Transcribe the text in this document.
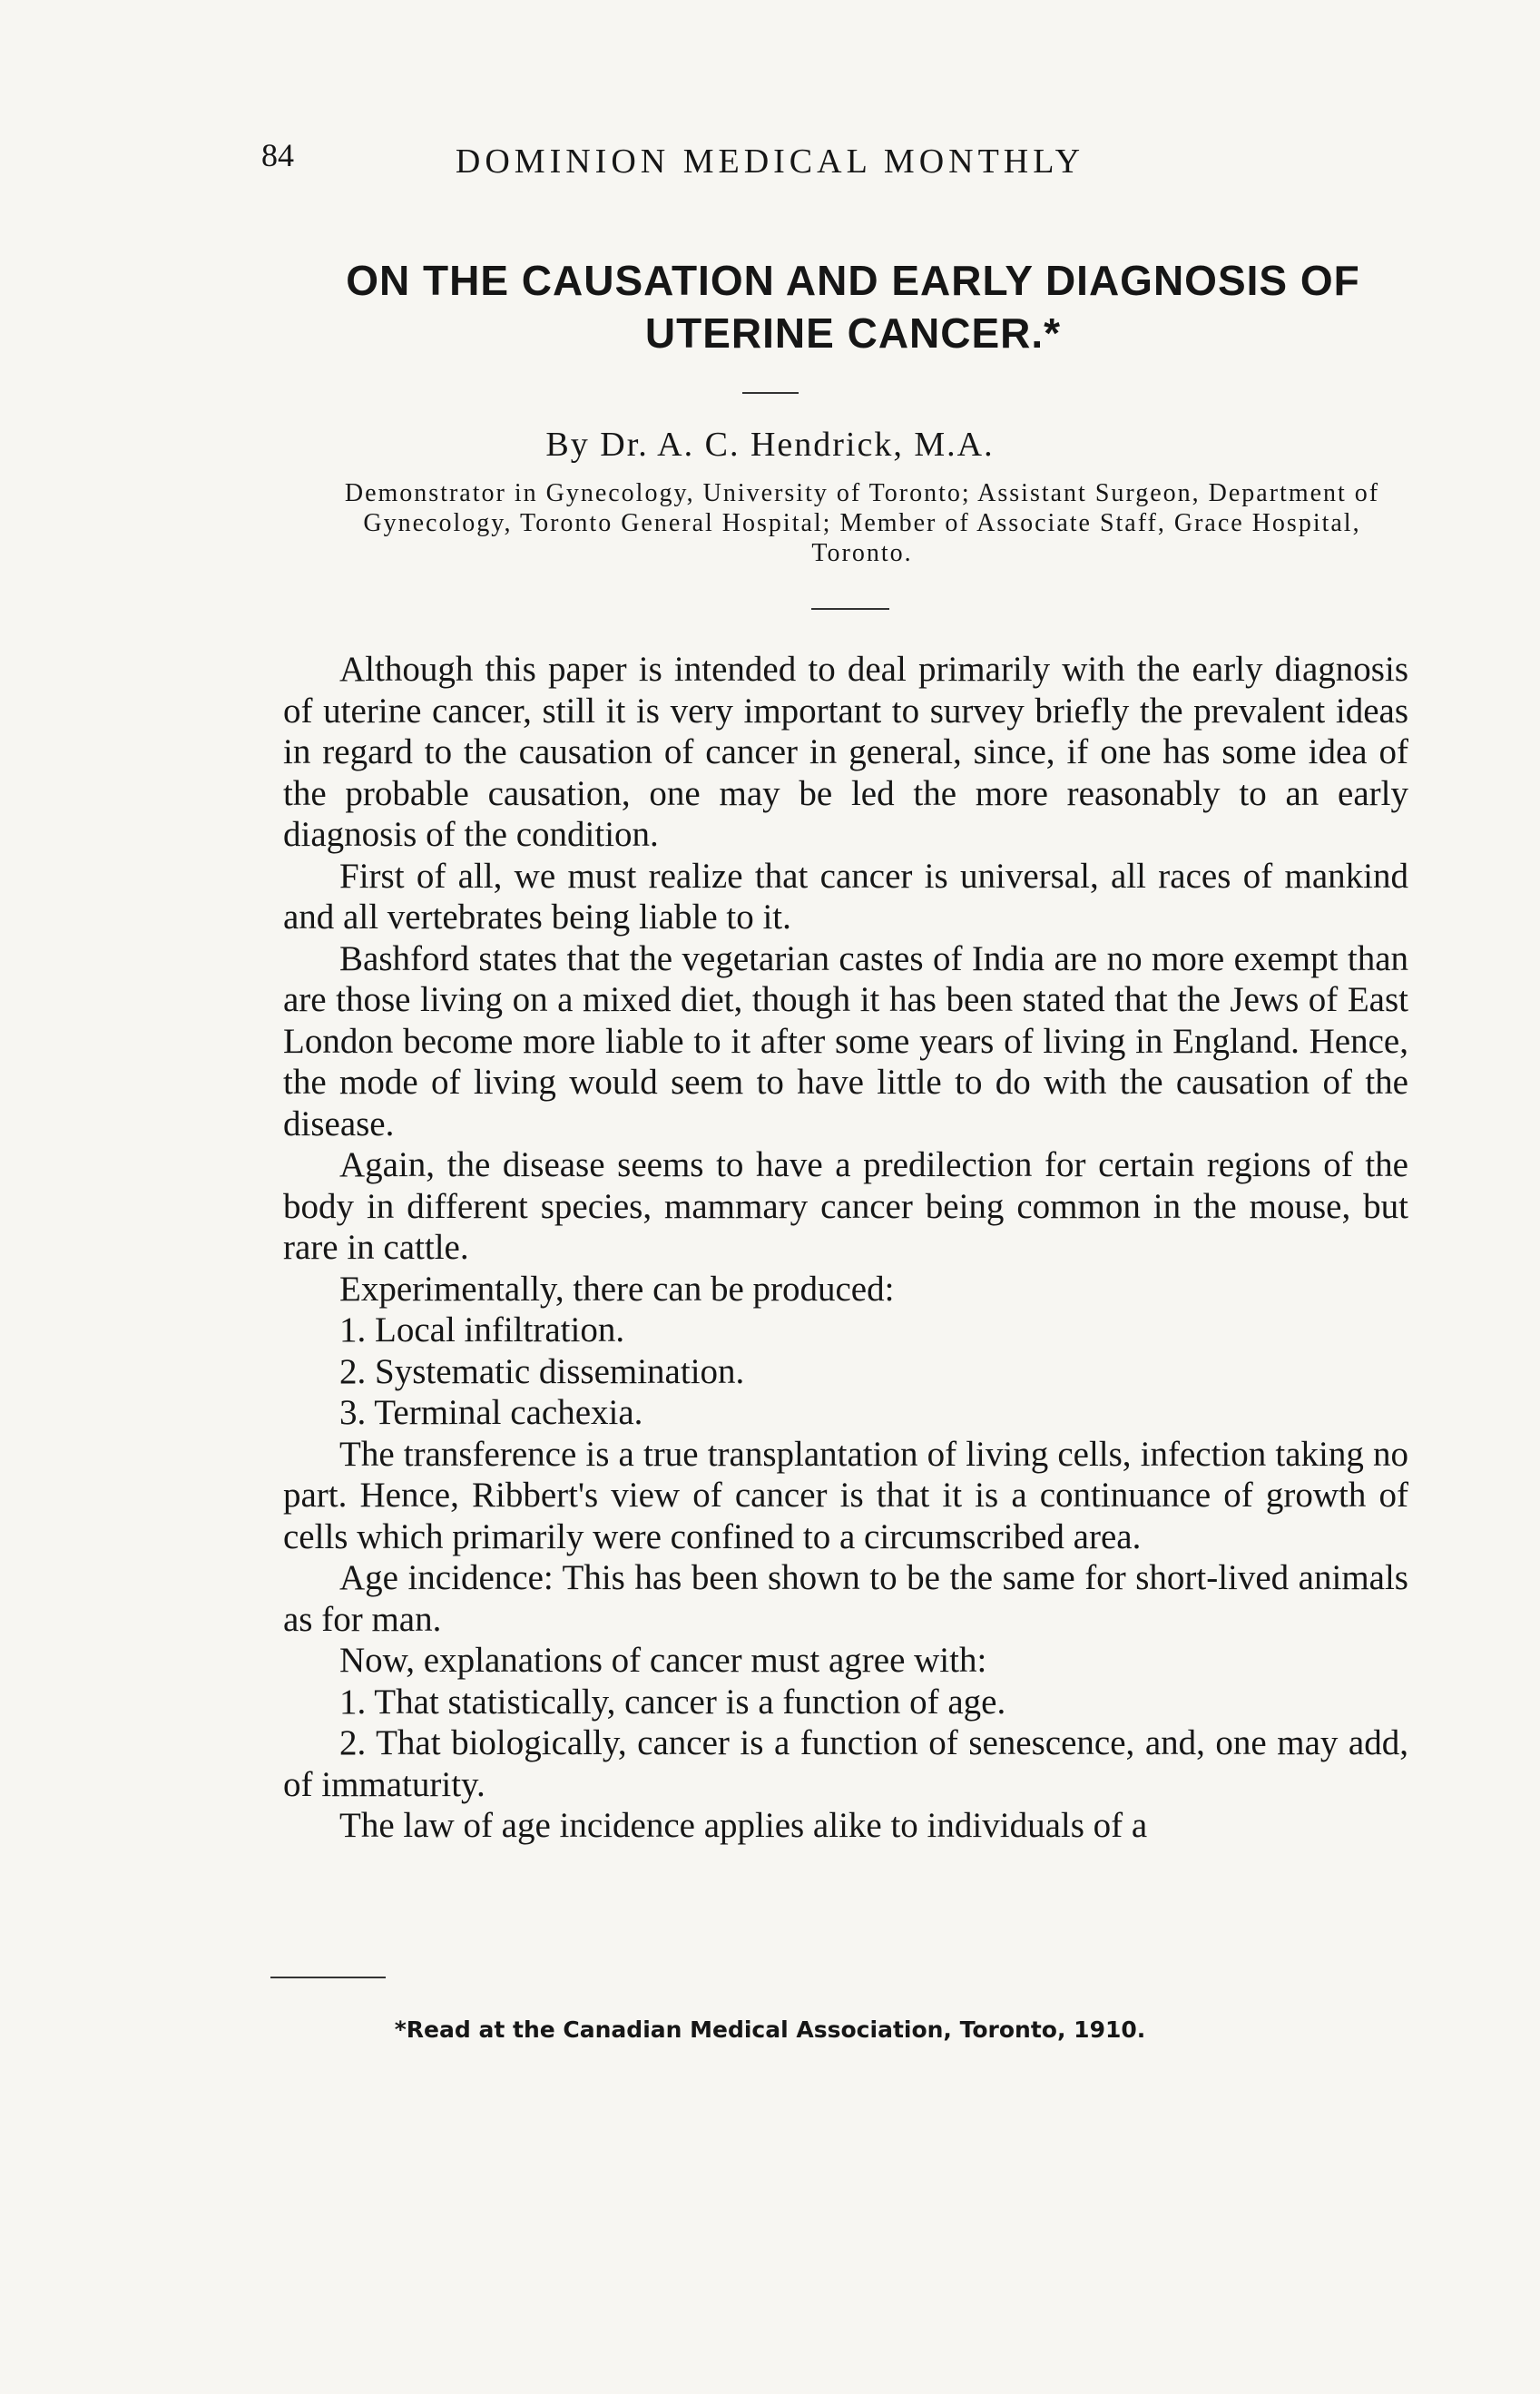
84	DOMINION MEDICAL MONTHLY
ON THE CAUSATION AND EARLY DIAGNOSIS OF UTERINE CANCER.*
By Dr. A. C. Hendrick, M.A.
Demonstrator in Gynecology, University of Toronto; Assistant Surgeon, Department of Gynecology, Toronto General Hospital; Member of Associate Staff, Grace Hospital, Toronto.

Although this paper is intended to deal primarily with the early diagnosis of uterine cancer, still it is very important to survey briefly the prevalent ideas in regard to the causation of cancer in general, since, if one has some idea of the probable causation, one may be led the more reasonably to an early diagnosis of the condition.

First of all, we must realize that cancer is universal, all races of mankind and all vertebrates being liable to it.

Bashford states that the vegetarian castes of India are no more exempt than are those living on a mixed diet, though it has been stated that the Jews of East London become more liable to it after some years of living in England. Hence, the mode of living would seem to have little to do with the causation of the disease.

Again, the disease seems to have a predilection for certain regions of the body in different species, mammary cancer being common in the mouse, but rare in cattle.

Experimentally, there can be produced:

1. Local infiltration.

2. Systematic dissemination.

3. Terminal cachexia.

The transference is a true transplantation of living cells, infection taking no part. Hence, Ribbert's view of cancer is that it is a continuance of growth of cells which primarily were confined to a circumscribed area.

Age incidence: This has been shown to be the same for short-lived animals as for man.

Now, explanations of cancer must agree with:

1. That statistically, cancer is a function of age.

2. That biologically, cancer is a function of senescence, and, one may add, of immaturity.

The law of age incidence applies alike to individuals of a

*Read at the Canadian Medical Association, Toronto, 1910.
